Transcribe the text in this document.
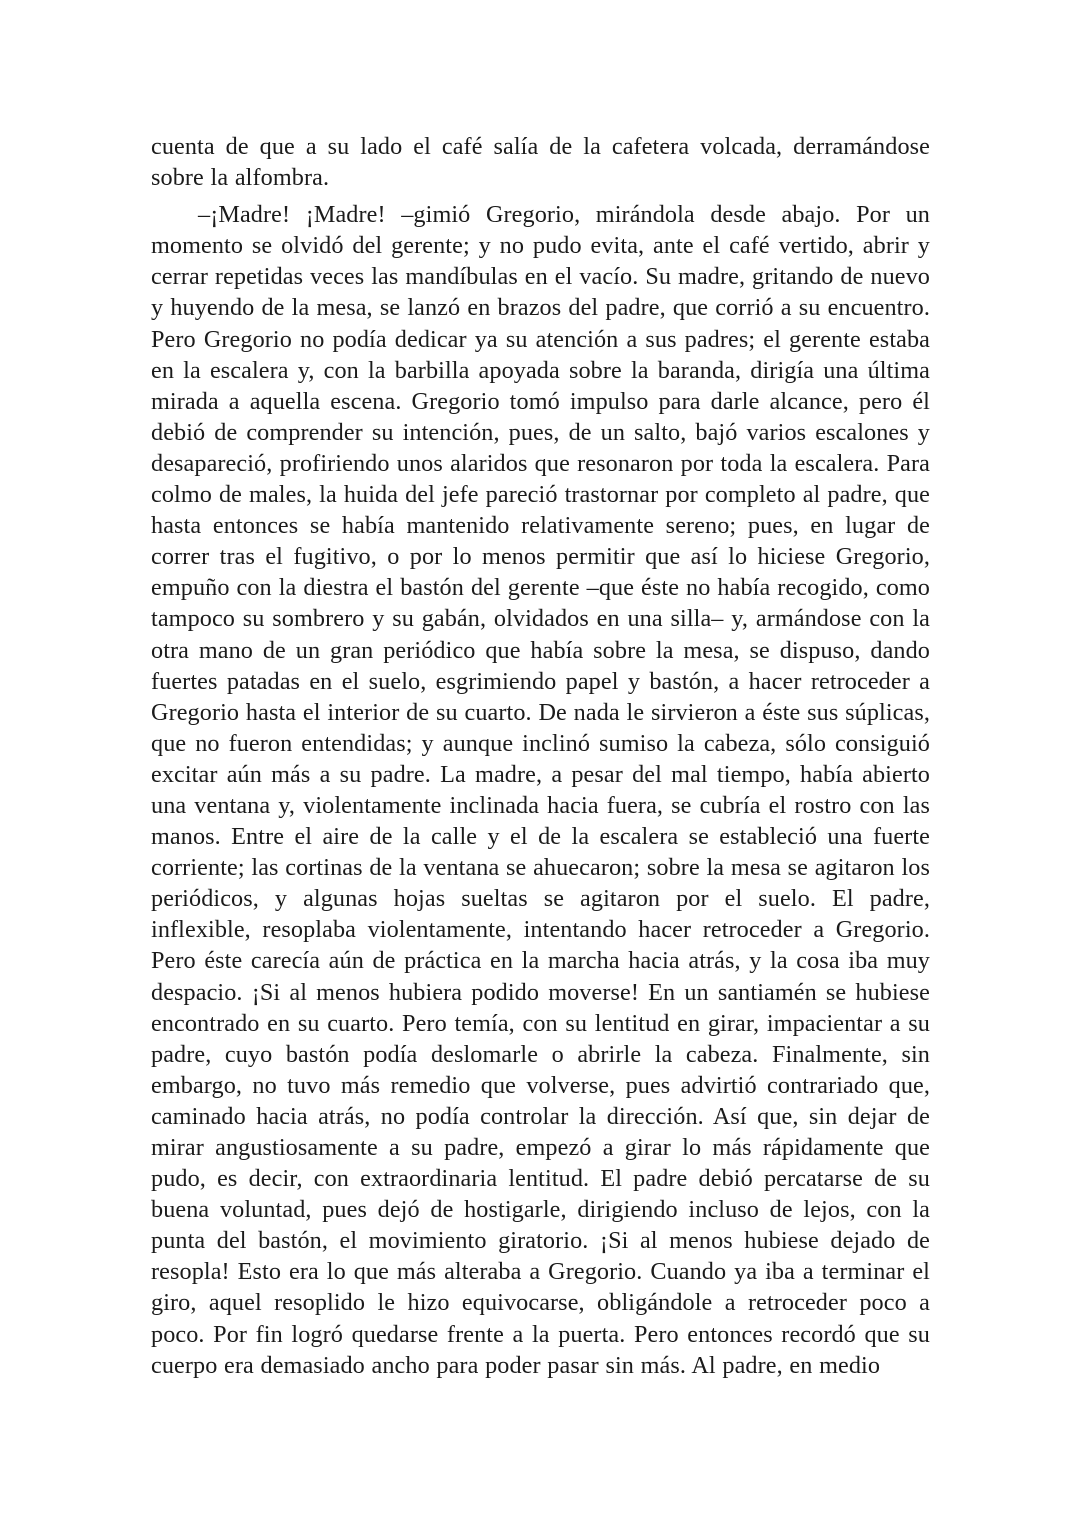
cuenta de que a su lado el café salía de la cafetera volcada, derramándose sobre la alfombra.

–¡Madre! ¡Madre! –gimió Gregorio, mirándola desde abajo. Por un momento se olvidó del gerente; y no pudo evita, ante el café vertido, abrir y cerrar repetidas veces las mandíbulas en el vacío. Su madre, gritando de nuevo y huyendo de la mesa, se lanzó en brazos del padre, que corrió a su encuentro. Pero Gregorio no podía dedicar ya su atención a sus padres; el gerente estaba en la escalera y, con la barbilla apoyada sobre la baranda, dirigía una última mirada a aquella escena. Gregorio tomó impulso para darle alcance, pero él debió de comprender su intención, pues, de un salto, bajó varios escalones y desapareció, profiriendo unos alaridos que resonaron por toda la escalera. Para colmo de males, la huida del jefe pareció trastornar por completo al padre, que hasta entonces se había mantenido relativamente sereno; pues, en lugar de correr tras el fugitivo, o por lo menos permitir que así lo hiciese Gregorio, empuño con la diestra el bastón del gerente –que éste no había recogido, como tampoco su sombrero y su gabán, olvidados en una silla– y, armándose con la otra mano de un gran periódico que había sobre la mesa, se dispuso, dando fuertes patadas en el suelo, esgrimiendo papel y bastón, a hacer retroceder a Gregorio hasta el interior de su cuarto. De nada le sirvieron a éste sus súplicas, que no fueron entendidas; y aunque inclinó sumiso la cabeza, sólo consiguió excitar aún más a su padre. La madre, a pesar del mal tiempo, había abierto una ventana y, violentamente inclinada hacia fuera, se cubría el rostro con las manos. Entre el aire de la calle y el de la escalera se estableció una fuerte corriente; las cortinas de la ventana se ahuecaron; sobre la mesa se agitaron los periódicos, y algunas hojas sueltas se agitaron por el suelo. El padre, inflexible, resoplaba violentamente, intentando hacer retroceder a Gregorio. Pero éste carecía aún de práctica en la marcha hacia atrás, y la cosa iba muy despacio. ¡Si al menos hubiera podido moverse! En un santiamén se hubiese encontrado en su cuarto. Pero temía, con su lentitud en girar, impacientar a su padre, cuyo bastón podía deslomarle o abrirle la cabeza. Finalmente, sin embargo, no tuvo más remedio que volverse, pues advirtió contrariado que, caminado hacia atrás, no podía controlar la dirección. Así que, sin dejar de mirar angustiosamente a su padre, empezó a girar lo más rápidamente que pudo, es decir, con extraordinaria lentitud. El padre debió percatarse de su buena voluntad, pues dejó de hostigarle, dirigiendo incluso de lejos, con la punta del bastón, el movimiento giratorio. ¡Si al menos hubiese dejado de resopla! Esto era lo que más alteraba a Gregorio. Cuando ya iba a terminar el giro, aquel resoplido le hizo equivocarse, obligándole a retroceder poco a poco. Por fin logró quedarse frente a la puerta. Pero entonces recordó que su cuerpo era demasiado ancho para poder pasar sin más. Al padre, en medio
